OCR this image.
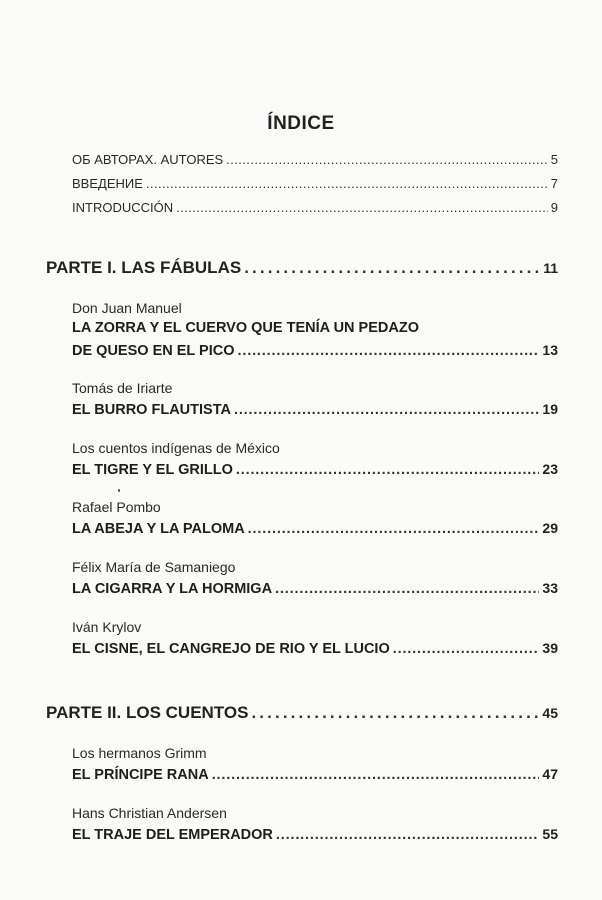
ÍNDICE
ОБ АВТОРАХ. AUTORES . . .	5
ВВЕДЕНИЕ . . .	7
INTRODUCCIÓN . . .	9
PARTE I. LAS FÁBULAS . . .	11
Don Juan Manuel
LA ZORRA Y EL CUERVO QUE TENÍA UN PEDAZO
DE QUESO EN EL PICO . . .	13
Tomás de Iriarte
EL BURRO FLAUTISTA . . .	19
Los cuentos indígenas de México
EL TIGRE Y EL GRILLO . . .	23
Rafael Pombo
LA ABEJA Y LA PALOMA . . .	29
Félix María de Samaniego
LA CIGARRA Y LA HORMIGA . . .	33
Iván Krylov
EL CISNE, EL CANGREJO DE RIO Y EL LUCIO . . .	39
PARTE II. LOS CUENTOS . . .	45
Los hermanos Grimm
EL PRÍNCIPE RANA . . .	47
Hans Christian Andersen
EL TRAJE DEL EMPERADOR . . .	55
